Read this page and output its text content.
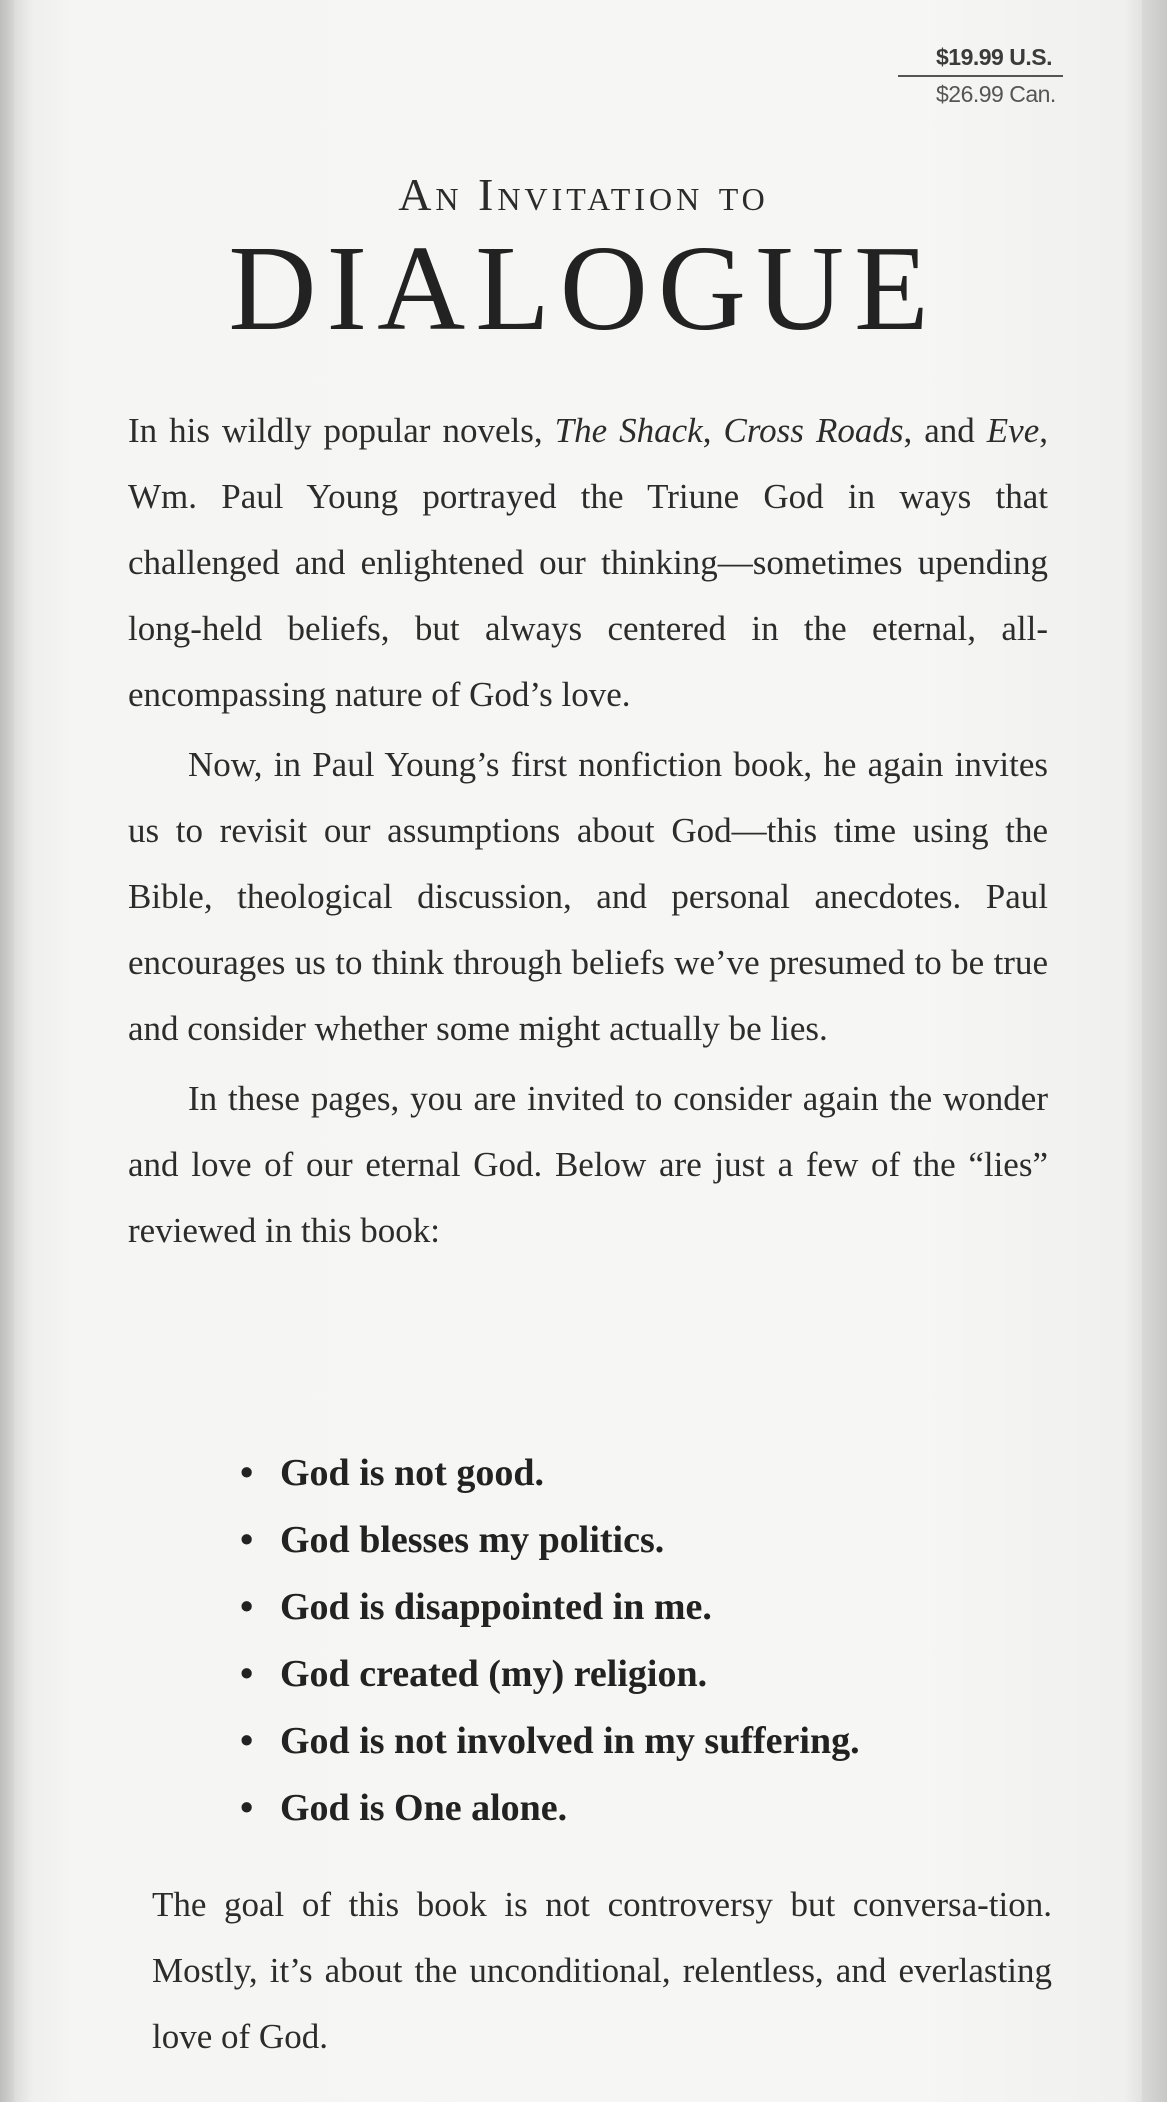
$19.99 U.S.
$26.99 Can.
An Invitation to
DIALOGUE

In his wildly popular novels, The Shack, Cross Roads, and Eve, Wm. Paul Young portrayed the Triune God in ways that challenged and enlightened our thinking—sometimes upending long-held beliefs, but always centered in the eternal, all-encompassing nature of God’s love.

Now, in Paul Young’s first nonfiction book, he again invites us to revisit our assumptions about God—this time using the Bible, theological discussion, and personal anecdotes. Paul encourages us to think through beliefs we’ve presumed to be true and consider whether some might actually be lies.

In these pages, you are invited to consider again the wonder and love of our eternal God. Below are just a few of the “lies” reviewed in this book:

• God is not good.
• God blesses my politics.
• God is disappointed in me.
• God created (my) religion.
• God is not involved in my suffering.
• God is One alone.

The goal of this book is not controversy but conversa-tion. Mostly, it’s about the unconditional, relentless, and everlasting love of God.
